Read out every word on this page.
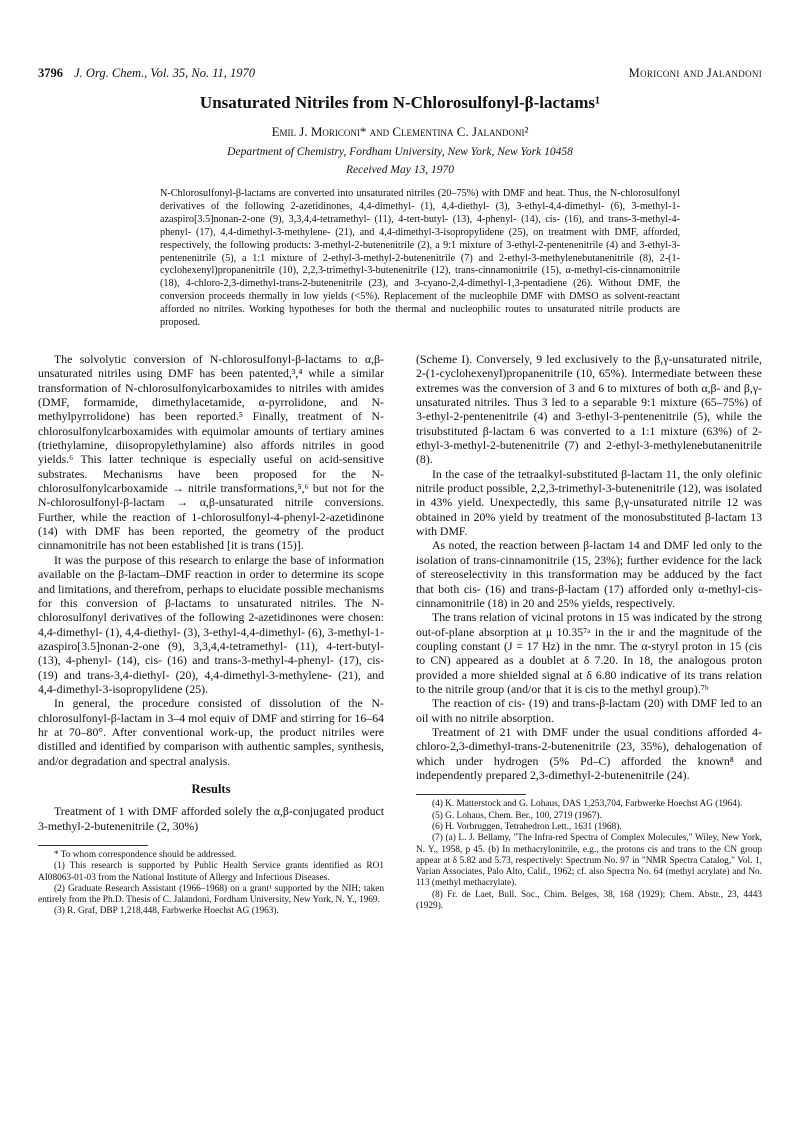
3796 J. Org. Chem., Vol. 35, No. 11, 1970	Moriconi and Jalandoni
Unsaturated Nitriles from N-Chlorosulfonyl-β-lactams¹
Emil J. Moriconi* and Clementina C. Jalandoni²
Department of Chemistry, Fordham University, New York, New York 10458
Received May 13, 1970
N-Chlorosulfonyl-β-lactams are converted into unsaturated nitriles (20–75%) with DMF and heat. Thus, the N-chlorosulfonyl derivatives of the following 2-azetidinones, 4,4-dimethyl- (1), 4,4-diethyl- (3), 3-ethyl-4,4-dimethyl- (6), 3-methyl-1-azaspiro[3.5]nonan-2-one (9), 3,3,4,4-tetramethyl- (11), 4-tert-butyl- (13), 4-phenyl- (14), cis- (16), and trans-3-methyl-4-phenyl- (17), 4,4-dimethyl-3-methylene- (21), and 4,4-dimethyl-3-isopropylidene (25), on treatment with DMF, afforded, respectively, the following products: 3-methyl-2-butenenitrile (2), a 9:1 mixture of 3-ethyl-2-pentenenitrile (4) and 3-ethyl-3-pentenenitrile (5), a 1:1 mixture of 2-ethyl-3-methyl-2-butenenitrile (7) and 2-ethyl-3-methylenebutanenitrile (8), 2-(1-cyclohexenyl)propanenitrile (10), 2,2,3-trimethyl-3-butenenitrile (12), trans-cinnamonitrile (15), α-methyl-cis-cinnamonitrile (18), 4-chloro-2,3-dimethyl-trans-2-butenenitrile (23), and 3-cyano-2,4-dimethyl-1,3-pentadiene (26). Without DMF, the conversion proceeds thermally in low yields (<5%). Replacement of the nucleophile DMF with DMSO as solvent-reactant afforded no nitriles. Working hypotheses for both the thermal and nucleophilic routes to unsaturated nitrile products are proposed.

The solvolytic conversion of N-chlorosulfonyl-β-lactams to α,β-unsaturated nitriles using DMF has been patented,³,⁴ while a similar transformation of N-chlorosulfonylcarboxamides to nitriles with amides (DMF, formamide, dimethylacetamide, α-pyrrolidone, and N-methylpyrrolidone) has been reported.⁵ Finally, treatment of N-chlorosulfonylcarboxamides with equimolar amounts of tertiary amines (triethylamine, diisopropylethylamine) also affords nitriles in good yields.⁶ This latter technique is especially useful on acid-sensitive substrates. Mechanisms have been proposed for the N-chlorosulfonylcarboxamide → nitrile transformations,⁵,⁶ but not for the N-chlorosulfonyl-β-lactam → α,β-unsaturated nitrile conversions. Further, while the reaction of 1-chlorosulfonyl-4-phenyl-2-azetidinone (14) with DMF has been reported, the geometry of the product cinnamonitrile has not been established [it is trans (15)].

It was the purpose of this research to enlarge the base of information available on the β-lactam–DMF reaction in order to determine its scope and limitations, and therefrom, perhaps to elucidate possible mechanisms for this conversion of β-lactams to unsaturated nitriles. The N-chlorosulfonyl derivatives of the following 2-azetidinones were chosen: 4,4-dimethyl- (1), 4,4-diethyl- (3), 3-ethyl-4,4-dimethyl- (6), 3-methyl-1-azaspiro[3.5]nonan-2-one (9), 3,3,4,4-tetramethyl- (11), 4-tert-butyl- (13), 4-phenyl- (14), cis- (16) and trans-3-methyl-4-phenyl- (17), cis- (19) and trans-3,4-diethyl- (20), 4,4-dimethyl-3-methylene- (21), and 4,4-dimethyl-3-isopropylidene (25).

In general, the procedure consisted of dissolution of the N-chlorosulfonyl-β-lactam in 3–4 mol equiv of DMF and stirring for 16–64 hr at 70–80°. After conventional work-up, the product nitriles were distilled and identified by comparison with authentic samples, synthesis, and/or degradation and spectral analysis.

Results

Treatment of 1 with DMF afforded solely the α,β-conjugated product 3-methyl-2-butenenitrile (2, 30%)

* To whom correspondence should be addressed.

(1) This research is supported by Public Health Service grants identified as RO1 AI08063-01-03 from the National Institute of Allergy and Infectious Diseases.

(2) Graduate Research Assistant (1966–1968) on a grant¹ supported by the NIH; taken entirely from the Ph.D. Thesis of C. Jalandoni, Fordham University, New York, N. Y., 1969.

(3) R. Graf, DBP 1,218,448, Farbwerke Hoechst AG (1963).

(Scheme I). Conversely, 9 led exclusively to the β,γ-unsaturated nitrile, 2-(1-cyclohexenyl)propanenitrile (10, 65%). Intermediate between these extremes was the conversion of 3 and 6 to mixtures of both α,β- and β,γ-unsaturated nitriles. Thus 3 led to a separable 9:1 mixture (65–75%) of 3-ethyl-2-pentenenitrile (4) and 3-ethyl-3-pentenenitrile (5), while the trisubstituted β-lactam 6 was converted to a 1:1 mixture (63%) of 2-ethyl-3-methyl-2-butenenitrile (7) and 2-ethyl-3-methylenebutanenitrile (8).

In the case of the tetraalkyl-substituted β-lactam 11, the only olefinic nitrile product possible, 2,2,3-trimethyl-3-butenenitrile (12), was isolated in 43% yield. Unexpectedly, this same β,γ-unsaturated nitrile 12 was obtained in 20% yield by treatment of the monosubstituted β-lactam 13 with DMF.

As noted, the reaction between β-lactam 14 and DMF led only to the isolation of trans-cinnamonitrile (15, 23%); further evidence for the lack of stereoselectivity in this transformation may be adduced by the fact that both cis- (16) and trans-β-lactam (17) afforded only α-methyl-cis-cinnamonitrile (18) in 20 and 25% yields, respectively.

The trans relation of vicinal protons in 15 was indicated by the strong out-of-plane absorption at μ 10.35⁷ᵃ in the ir and the magnitude of the coupling constant (J = 17 Hz) in the nmr. The α-styryl proton in 15 (cis to CN) appeared as a doublet at δ 7.20. In 18, the analogous proton provided a more shielded signal at δ 6.80 indicative of its trans relation to the nitrile group (and/or that it is cis to the methyl group).⁷ᵇ

The reaction of cis- (19) and trans-β-lactam (20) with DMF led to an oil with no nitrile absorption.

Treatment of 21 with DMF under the usual conditions afforded 4-chloro-2,3-dimethyl-trans-2-butenenitrile (23, 35%), dehalogenation of which under hydrogen (5% Pd–C) afforded the known⁸ and independently prepared 2,3-dimethyl-2-butenenitrile (24).

(4) K. Matterstock and G. Lohaus, DAS 1,253,704, Farbwerke Hoechst AG (1964).

(5) G. Lohaus, Chem. Ber., 100, 2719 (1967).

(6) H. Vorbruggen, Tetrahedron Lett., 1631 (1968).

(7) (a) L. J. Bellamy, "The Infra-red Spectra of Complex Molecules," Wiley, New York, N. Y., 1958, p 45. (b) In methacrylonitrile, e.g., the protons cis and trans to the CN group appear at δ 5.82 and 5.73, respectively: Spectrum No. 97 in "NMR Spectra Catalog," Vol. 1, Varian Associates, Palo Alto, Calif., 1962; cf. also Spectra No. 64 (methyl acrylate) and No. 113 (methyl methacrylate).

(8) Fr. de Laet, Bull. Soc., Chim. Belges, 38, 168 (1929); Chem. Abstr., 23, 4443 (1929).
